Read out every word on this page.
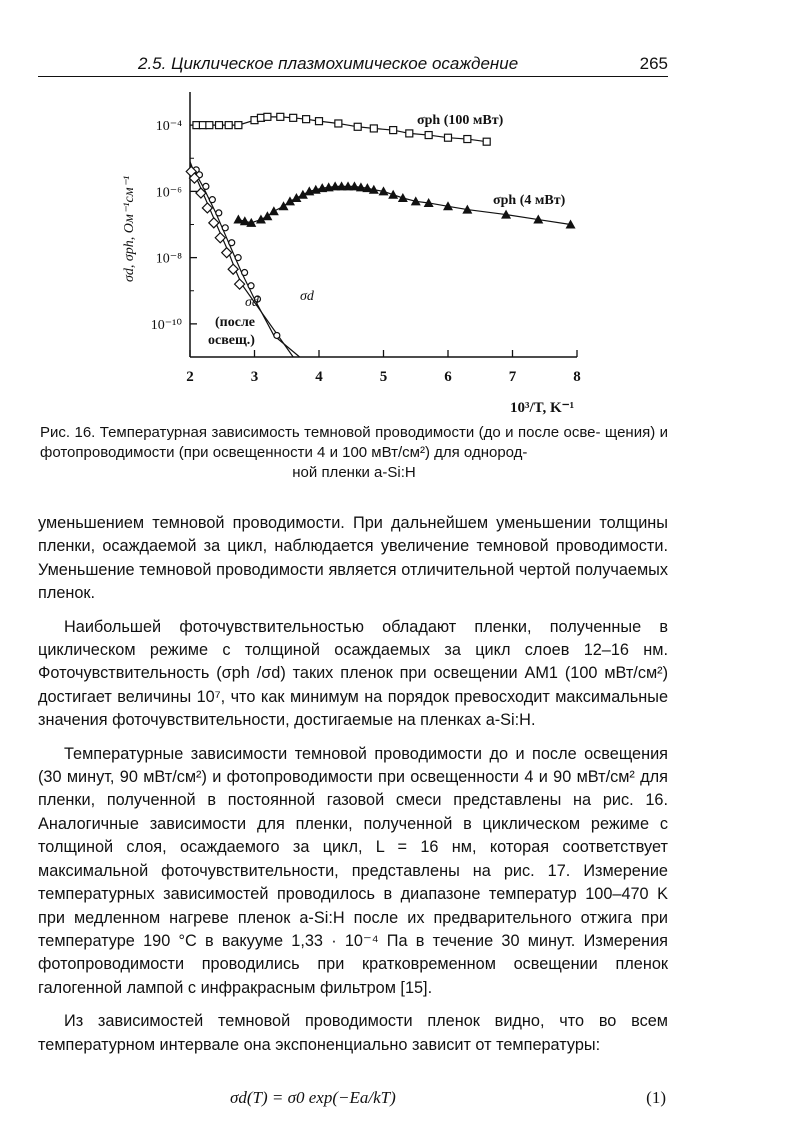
2.5. Циклическое плазмохимическое осаждение	265
10⁻⁴
10⁻⁶
10⁻⁸
10⁻¹⁰
2	3	4	5	6	7	8
σd, σph, Ом⁻¹см⁻¹
10³/T, K⁻¹
σph (100 мВт)
σph (4 мВт)
σd
σd
(после
освещ.)
Рис. 16. Температурная зависимость темновой проводимости (до и после осве- щения) и фотопроводимости (при освещенности 4 и 100 мВт/см²) для однород-
ной пленки a-Si:H

уменьшением темновой проводимости. При дальнейшем уменьшении толщины пленки, осаждаемой за цикл, наблюдается увеличение темновой проводимости. Уменьшение темновой проводимости является отличительной чертой получаемых пленок.

Наибольшей фоточувствительностью обладают пленки, полученные в циклическом режиме с толщиной осаждаемых за цикл слоев 12–16 нм. Фоточувствительность (σph /σd) таких пленок при освещении AM1 (100 мВт/см²) достигает величины 10⁷, что как минимум на порядок превосходит максимальные значения фоточувствительности, достигаемые на пленках a-Si:H.

Температурные зависимости темновой проводимости до и после освещения (30 минут, 90 мВт/см²) и фотопроводимости при освещенности 4 и 90 мВт/см² для пленки, полученной в постоянной газовой смеси представлены на рис. 16. Аналогичные зависимости для пленки, полученной в циклическом режиме с толщиной слоя, осаждаемого за цикл, L = 16 нм, которая соответствует максимальной фоточувствительности, представлены на рис. 17. Измерение температурных зависимостей проводилось в диапазоне температур 100–470 K при медленном нагреве пленок a-Si:H после их предварительного отжига при температуре 190 °С в вакууме 1,33 · 10⁻⁴ Па в течение 30 минут. Измерения фотопроводимости проводились при кратковременном освещении пленок галогенной лампой с инфракрасным фильтром [15].

Из зависимостей темновой проводимости пленок видно, что во всем температурном интервале она экспоненциально зависит от температуры:

σd(T) = σ0 exp(−Ea/kT)	(1)
